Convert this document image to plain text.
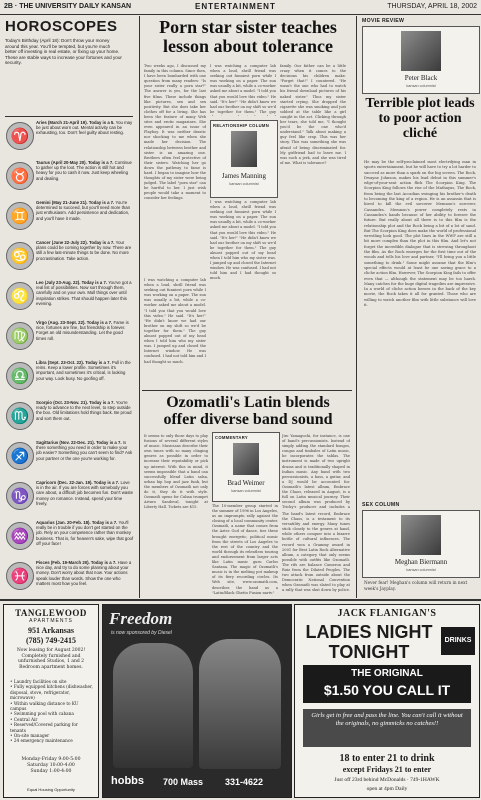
2B · THE UNIVERSITY DAILY KANSAN	ENTERTAINMENT	THURSDAY, APRIL 18, 2002
HOROSCOPES
Today's Birthday (April 18): Don't throw your money around this year. You'll be tempted, but you're much better off investing in real estate, or fixing up your home. These are stable ways to increase your fortunes and your security.
♈
Aries (March 21-April 19). Today is a 5. You may be just about worn out. Mental activity can be exhausting, too. Don't feel guilty about resting.
♉
Taurus (April 20-May 20). Today is a 7. Continue to gather up the loot. The action is still hot and heavy for you to cash it now. Just keep wheeling and dealing.
♊
Gemini (May 21-June 21). Today is a 7. You're determined to succeed, but you'll need more than just enthusiasm. Add persistence and dedication, and you'll have it made.
♋
Cancer (June 22-July 22). Today is a 7. Your plans could be coming together by now. There are still a few last-minute things to be done. No more procrastination. Take action.
♌
Leo (July 23-Aug. 22). Today is a 7. You've got a real list of possibilities. Now sort through them, carefully and on your own. Mull things over until inspiration strikes. That should happen later this evening.
♍
Virgo (Aug. 23-Sept. 22). Today is a 7. Fame is nice, fortunes are fine, but friendship is forever. Forget an old misunderstanding. Let the good times roll.
♎
Libra (Sept. 23-Oct. 22). Today is a 7. Pull in the reins. Keep a lower profile. Sometimes it's important, and sometimes it's critical, is looking your way. Look busy. No goofing off.
♏
Scorpio (Oct. 23-Nov. 21). Today is a 7. You're ready to advance to the next level, to step outside the box. Old limitations hold things back. Be proud and sort them out.
♐
Sagittarius (Nov. 22-Dec. 21). Today is a 7. Is there something you need in order to make your job easier? Something you can't seem to find? Ask your partner or the one you're working for.
♑
Capricorn (Dec. 22-Jan. 19). Today is a 7. Love is in the air. If you are forces with somebody you care about, a difficult job becomes fun. Don't waste money on romance. Instead, spend your time freely.
♒
Aquarius (Jan. 20-Feb. 18). Today is a 7. You'll really be in trouble if you don't get started on the job. Rely on your competence rather than monkey business. That is, for heaven's sake, wipe that goof off your face!
♓
Pisces (Feb. 19-March 20). Today is a 7. Have a nice day, and try to do some planning about your money. Don't worry about that now. Your actions speak louder than words. Show the one who matters most how you feel.
Porn star sister teaches
lesson about tolerance
Two weeks ago, I discussed my family in this column. Since then, I have been bombarded with one question from many readers: "Is your sister really a porn star?" The answer is yes, for the last five films. These include things like pictures, sex and sex positivity. But she does take her clothes off for a living. She has been the feature of many Web sites and erotic magazines. She even appeared in an issue of Playboy. It was neither drastic nor shocking to me when she made her decision. The relationship between brother and sister is an amazing one. Brothers often feel protective of their sisters. Watching her go down the pathway to fame is hard. I began to imagine how the thoughts of my sister were being judged. The label "porn star" can be hurtful to her. I just wish people would take a moment to consider her feelings.
I was watching a computer lab when a loud, shrill friend was seeking out funniest porn while I was working on a paper. The sun was usually a bit, while a co-worker asked me about a model. "I told you that you would love this video." He said. "It's her!" "He didn't know we had our brother on my shift so we'd be together for them." The guy almost popped out of my head when I told him who my sister was. I jumped up and closed the Internet window. He was confused. I had not told him and I had thought so much.
RELATIONSHIP COLUMN
James Manning
kansan columnist
I was watching a computer lab when a loud, shrill friend was seeking out funniest porn while I was working on a paper. The sun was usually a bit, while a co-worker asked me about a model. "I told you that you would love this video." He said. "It's her!" "He didn't know we had our brother on my shift so we'd be together for them." The guy
I was watching a computer lab when a loud, shrill friend was seeking out funniest porn while I was working on a paper. The sun was usually a bit, while a co-worker asked me about a model. "I told you that you would love this video." He said. "It's her!" "He didn't know we had our brother on my shift so we'd be together for them." The guy almost popped out of my head when I told him who my sister was. I jumped up and closed the Internet window. He was confused. I had not told him and I had thought so much.
family. Our father can be a little crazy when it comes to the decisions his children make. "Forget that!" I countered. "He wasn't the one who had to watch his friend download pictures of his naked sister." Thus my sister started crying. She dropped the cigarette she was smoking and just sobbed at the table like a girl caught in the act. Clicking through her tears, she told me, "I thought you'd be the one who'd understand." Talk about making a guy feel like crap. This was her story. This was something she was afraid of being discriminated for. My girlfriend had to leave me. I was such a jerk, and she was tired of me. What is tolerance?
Ozomatli's Latin blends
offer diverse band sound
It seems to only those days to play fusions of several different styles of music. Musicians describe their own tunes with so many clinging genres as possible in order to increase their reputability or pick up interest. With this in mind, it seems impossible that a band can successfully blend Latin salsa, urban hip hop and jazz funk, but the members of Ozomatli not only do it, they do it with style. Ozomatli opens for Cuban trumpet Arturo Sandoval, tonight at Liberty Hall. Tickets are $15.
COMMENTARY
Brad Weimer
kansan columnist
The 10-member group started in the summer of 1996 in Los Angeles, as an impromptu rally against the closing of a local community center. Ozomatli, a name that comes from the Aztec God of dance, ties these brought energetic, political music from the streets of Los Angeles to the rest of the country and the world through its relentless touring and endorsement from larger acts like Latin music guru Carlos Santana. The magic of Ozomatli's music is in the melting pot makeup of its fiery recording circles. Its Web site, www.ozomatli.com, describes the band as a "Latin/Black Ghetto Fusion party."
Jiro Yamaguchi, for instance, is one of band's percussionists. Instead of simply adding the standard bongos, congas and timbales of Latin music, he incorporates the tablas. The instrument is made of two upright drums and is traditionally shaped in Indian music. Any band with two percussionists, a bass, a guitar, and a DJ would be accounted for. Ozomatli's latest album, Embrace the Chaos, released in August, is a full on Latin musical journey. Their second album was produced by Tricky's producer and includes a
The band's latest record, Embrace the Chaos, is a testament to its versatility and energy. Many tunes stick closely to the genres at hand, while others conquer into a bizarre bottle of cultural influences. The record won a Grammy award in 2001 for Best Latin Rock Alternative album, a category that only seems possible with outfits like Ozomatli. The rifs are balance Cameron and Ruiz from the Dilated Peoples. The two attack from outside about the Democratic National Convention when Ozomatli was slated to play at a rally that was shut down by police.
MOVIE REVIEW
Peter Black
kansan columnist
Terrible plot leads to poor action cliché
He may be the self-proclaimed most electrifying man in sports entertainment, but he will have to try a lot harder to succeed as more than a spark on the big screen. The Rock, Dwayne Johnson, makes his lead debut in this summer's edge-of-your-seat action flick The Scorpion King. The Scorpion King follows the rise of the Mathayus, The Rock, from being the last Accadian swinging his brother's death to becoming the king of a region. He is an assassin that is hired to kill the evil sorcerer Memnon's sorcerer, Cassandra. Memnon's power completely rests in Cassandra's hands because of her ability to foresee the future. But really about all there is to this film is the relationship plot and the Rock being a bit of a lot of sand. But The Scorpion King does make the world of professional wrestling look good. The plot lines in the WWF are still a bit more complex than the plot in this film. And let's not forget the incredible dialogue that is strewing throughout the film. As the Rock emerges for the first time out of the woods and tells his love and partner, "I'll bring you a little something to drink." Some might assume that the film's special effects would at least be one saving grace to a cliche action film. However, The Scorpion King fails to offer even that — although the statement may be too harsh. Many catches for the huge digital tragedies are impressive. In a world of cliche action heroes in the back of the key movie, the Rock takes it all for granted. Those who are willing to watch another film with little substance will love it.
SEX COLUMN
Meghan Biermann
kansan columnist
Never fear! Meghan's column will return in next week's Jayplay.
TANGLEWOOD
APARTMENTS
951 Arkansas
(785) 749-2415
Now leasing for August 2002! Completely furnished and unfurnished Studios, 1 and 2 Bedroom apartment homes.
• Laundry facilities on site
• Fully equipped kitchens (dishwasher, disposal, stove, refrigerator, microwave)
• Within walking distance to KU campus
• Swimming pool with cabana
• Central Air
• Reserved/Covered parking for tenants
• On-site manager
• 24 emergency maintenance
Monday-Friday 9:00-5:00 Saturday 10:00-4:00 Sunday 1:00-4:00
Equal Housing Opportunity
Freedom
is now sponsored by Diesel
hobbs 700 Mass 331-4622
JACK FLANIGAN'S
LADIES NIGHT
TONIGHT
DRINKS
THE ORIGINAL
$1.50 YOU CALL IT
Girls get in free and pass the line. You can't call it without the originals, no gimmicks no catches!!
18 to enter 21 to drink
except Fridays 21 to enter
Just off 23rd behind McDonalds · 749-1HAWK
open at 4pm Daily
